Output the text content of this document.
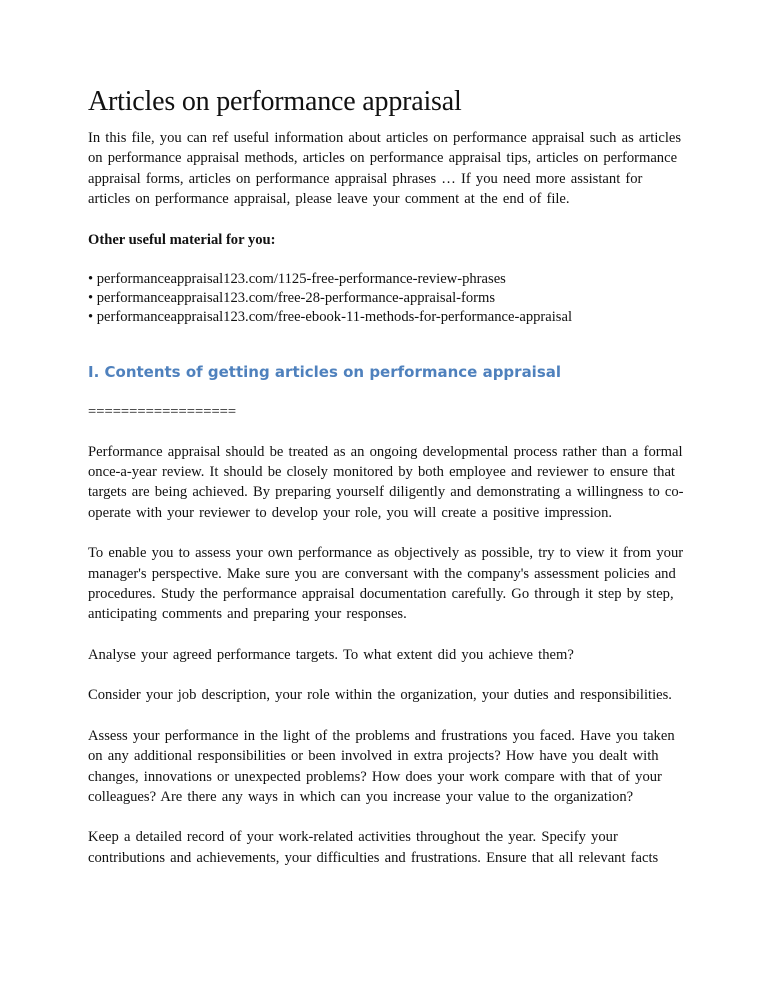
Articles on performance appraisal

In this file, you can ref useful information about articles on performance appraisal such as articles on performance appraisal methods, articles on performance appraisal tips, articles on performance appraisal forms, articles on performance appraisal phrases … If you need more assistant for articles on performance appraisal, please leave your comment at the end of file.

Other useful material for you:

• performanceappraisal123.com/1125-free-performance-review-phrases
• performanceappraisal123.com/free-28-performance-appraisal-forms
• performanceappraisal123.com/free-ebook-11-methods-for-performance-appraisal
I. Contents of getting articles on performance appraisal

==================

Performance appraisal should be treated as an ongoing developmental process rather than a formal once-a-year review. It should be closely monitored by both employee and reviewer to ensure that targets are being achieved. By preparing yourself diligently and demonstrating a willingness to co-operate with your reviewer to develop your role, you will create a positive impression.

To enable you to assess your own performance as objectively as possible, try to view it from your manager's perspective. Make sure you are conversant with the company's assessment policies and procedures. Study the performance appraisal documentation carefully. Go through it step by step, anticipating comments and preparing your responses.

Analyse your agreed performance targets. To what extent did you achieve them?

Consider your job description, your role within the organization, your duties and responsibilities.

Assess your performance in the light of the problems and frustrations you faced. Have you taken on any additional responsibilities or been involved in extra projects? How have you dealt with changes, innovations or unexpected problems? How does your work compare with that of your colleagues? Are there any ways in which can you increase your value to the organization?

Keep a detailed record of your work-related activities throughout the year. Specify your contributions and achievements, your difficulties and frustrations. Ensure that all relevant facts
